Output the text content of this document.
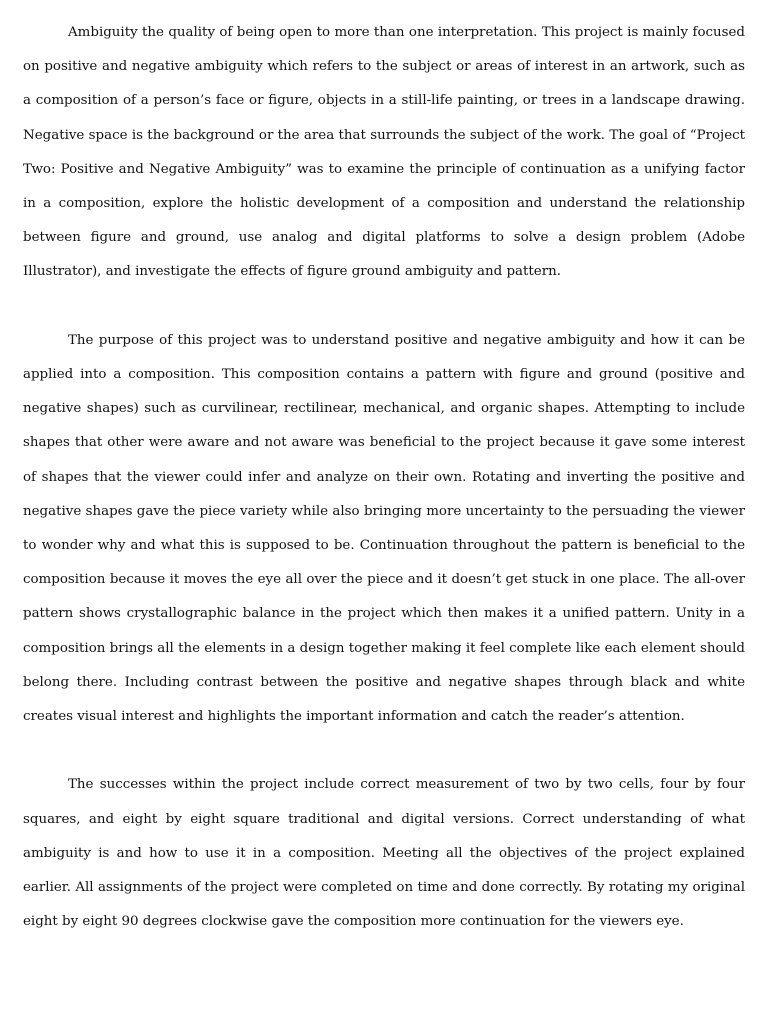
Ambiguity the quality of being open to more than one interpretation. This project is mainly focused on positive and negative ambiguity which refers to the subject or areas of interest in an artwork, such as a composition of a person’s face or figure, objects in a still-life painting, or trees in a landscape drawing. Negative space is the background or the area that surrounds the subject of the work. The goal of “Project Two: Positive and Negative Ambiguity” was to examine the principle of continuation as a unifying factor in a composition, explore the holistic development of a composition and understand the relationship between figure and ground, use analog and digital platforms to solve a design problem (Adobe Illustrator), and investigate the effects of figure ground ambiguity and pattern.

The purpose of this project was to understand positive and negative ambiguity and how it can be applied into a composition. This composition contains a pattern with figure and ground (positive and negative shapes) such as curvilinear, rectilinear, mechanical, and organic shapes. Attempting to include shapes that other were aware and not aware was beneficial to the project because it gave some interest of shapes that the viewer could infer and analyze on their own. Rotating and inverting the positive and negative shapes gave the piece variety while also bringing more uncertainty to the persuading the viewer to wonder why and what this is supposed to be. Continuation throughout the pattern is beneficial to the composition because it moves the eye all over the piece and it doesn’t get stuck in one place. The all-over pattern shows crystallographic balance in the project which then makes it a unified pattern. Unity in a composition brings all the elements in a design together making it feel complete like each element should belong there. Including contrast between the positive and negative shapes through black and white creates visual interest and highlights the important information and catch the reader’s attention.

The successes within the project include correct measurement of two by two cells, four by four squares, and eight by eight square traditional and digital versions. Correct understanding of what ambiguity is and how to use it in a composition. Meeting all the objectives of the project explained earlier. All assignments of the project were completed on time and done correctly. By rotating my original eight by eight 90 degrees clockwise gave the composition more continuation for the viewers eye.
